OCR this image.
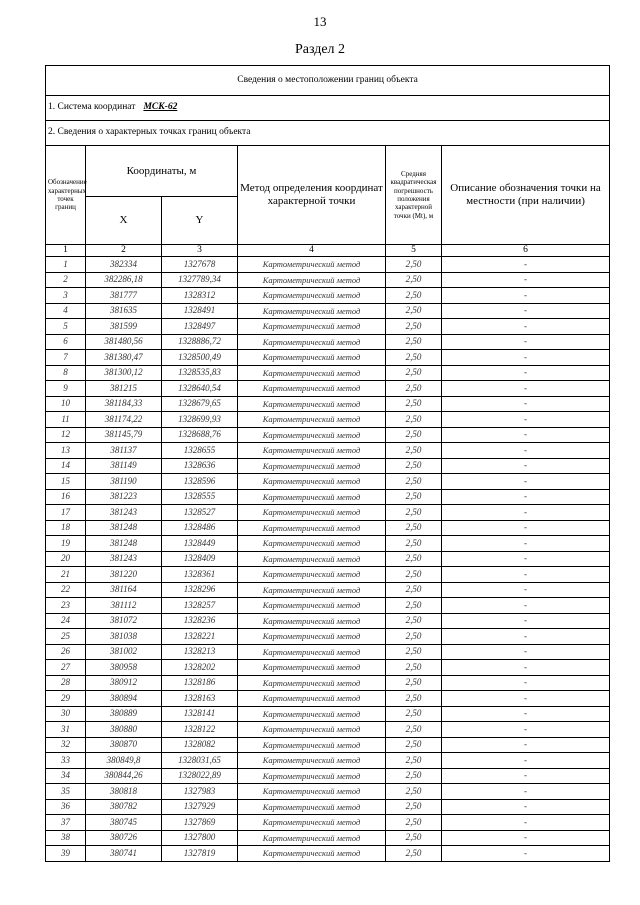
13
Раздел 2
Сведения о местоположении границ объекта					
1. Система координат МСК-62					
2. Сведения о характерных точках границ объекта					
Обозначение характерных точек границ	Координаты, м		Метод определения координат характерной точки	Средняя квадратическая погрешность положения характерной точки (Mt), м	Описание обозначения точки на местности (при наличии)
	X	Y			
1	2	3	4	5	6
1	382334	1327678	Картометрический метод	2,50	-
2	382286,18	1327789,34	Картометрический метод	2,50	-
3	381777	1328312	Картометрический метод	2,50	-
4	381635	1328491	Картометрический метод	2,50	-
5	381599	1328497	Картометрический метод	2,50	-
6	381480,56	1328886,72	Картометрический метод	2,50	-
7	381380,47	1328500,49	Картометрический метод	2,50	-
8	381300,12	1328535,83	Картометрический метод	2,50	-
9	381215	1328640,54	Картометрический метод	2,50	-
10	381184,33	1328679,65	Картометрический метод	2,50	-
11	381174,22	1328699,93	Картометрический метод	2,50	-
12	381145,79	1328688,76	Картометрический метод	2,50	-
13	381137	1328655	Картометрический метод	2,50	-
14	381149	1328636	Картометрический метод	2,50	-
15	381190	1328596	Картометрический метод	2,50	-
16	381223	1328555	Картометрический метод	2,50	-
17	381243	1328527	Картометрический метод	2,50	-
18	381248	1328486	Картометрический метод	2,50	-
19	381248	1328449	Картометрический метод	2,50	-
20	381243	1328409	Картометрический метод	2,50	-
21	381220	1328361	Картометрический метод	2,50	-
22	381164	1328296	Картометрический метод	2,50	-
23	381112	1328257	Картометрический метод	2,50	-
24	381072	1328236	Картометрический метод	2,50	-
25	381038	1328221	Картометрический метод	2,50	-
26	381002	1328213	Картометрический метод	2,50	-
27	380958	1328202	Картометрический метод	2,50	-
28	380912	1328186	Картометрический метод	2,50	-
29	380894	1328163	Картометрический метод	2,50	-
30	380889	1328141	Картометрический метод	2,50	-
31	380880	1328122	Картометрический метод	2,50	-
32	380870	1328082	Картометрический метод	2,50	-
33	380849,8	1328031,65	Картометрический метод	2,50	-
34	380844,26	1328022,89	Картометрический метод	2,50	-
35	380818	1327983	Картометрический метод	2,50	-
36	380782	1327929	Картометрический метод	2,50	-
37	380745	1327869	Картометрический метод	2,50	-
38	380726	1327800	Картометрический метод	2,50	-
39	380741	1327819	Картометрический метод	2,50	-
